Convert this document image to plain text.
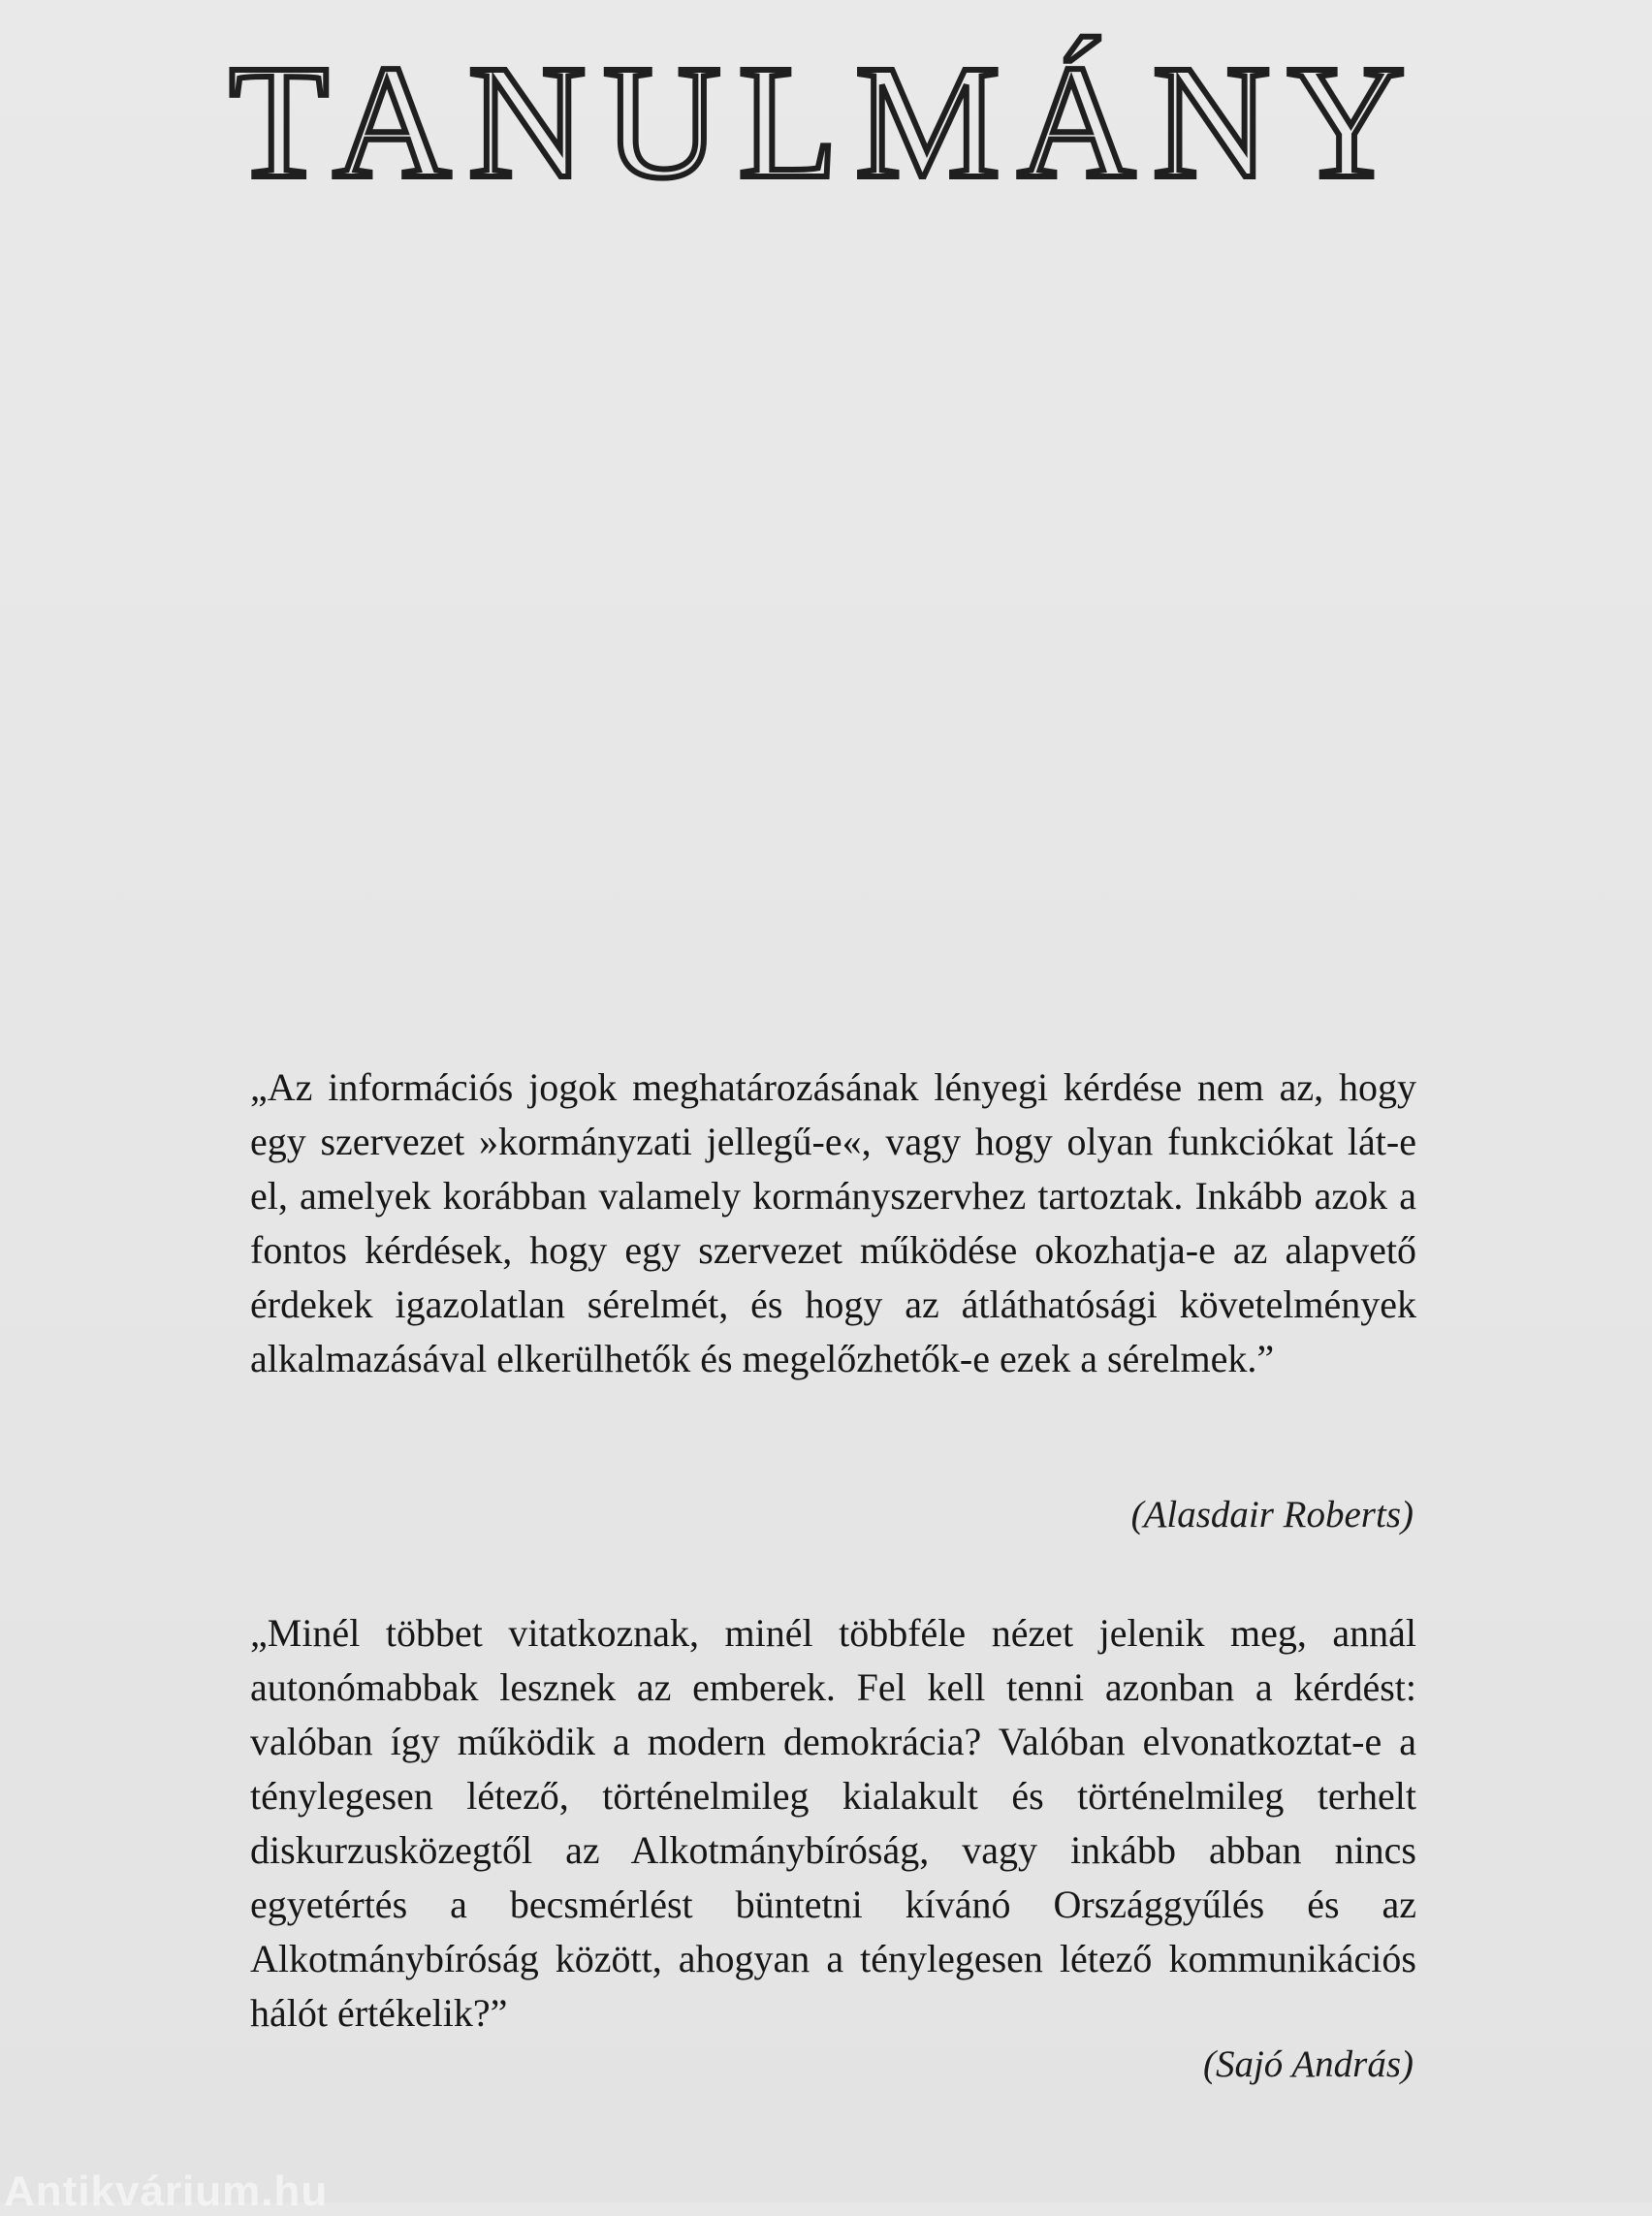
TANULMÁNY

„Az információs jogok meghatározásának lényegi kérdése nem az, hogy egy szervezet »kormányzati jellegű-e«, vagy hogy olyan funkciókat lát-e el, amelyek korábban valamely kormányszervhez tartoztak. Inkább azok a fontos kérdések, hogy egy szervezet működése okozhatja-e az alapvető érdekek igazolatlan sérelmét, és hogy az átláthatósági követelmények alkalmazásával elkerülhetők és megelőzhetők-e ezek a sérelmek.”

(Alasdair Roberts)

„Minél többet vitatkoznak, minél többféle nézet jelenik meg, annál autonómabbak lesznek az emberek. Fel kell tenni azonban a kérdést: valóban így működik a modern demokrácia? Valóban elvonatkoztat-e a ténylegesen létező, történelmileg kialakult és történelmileg terhelt diskurzusközegtől az Alkotmánybíróság, vagy inkább abban nincs egyetértés a becsmérlést büntetni kívánó Országgyűlés és az Alkotmánybíróság között, ahogyan a ténylegesen létező kommunikációs hálót értékelik?”

(Sajó András)

Antikvárium.hu
